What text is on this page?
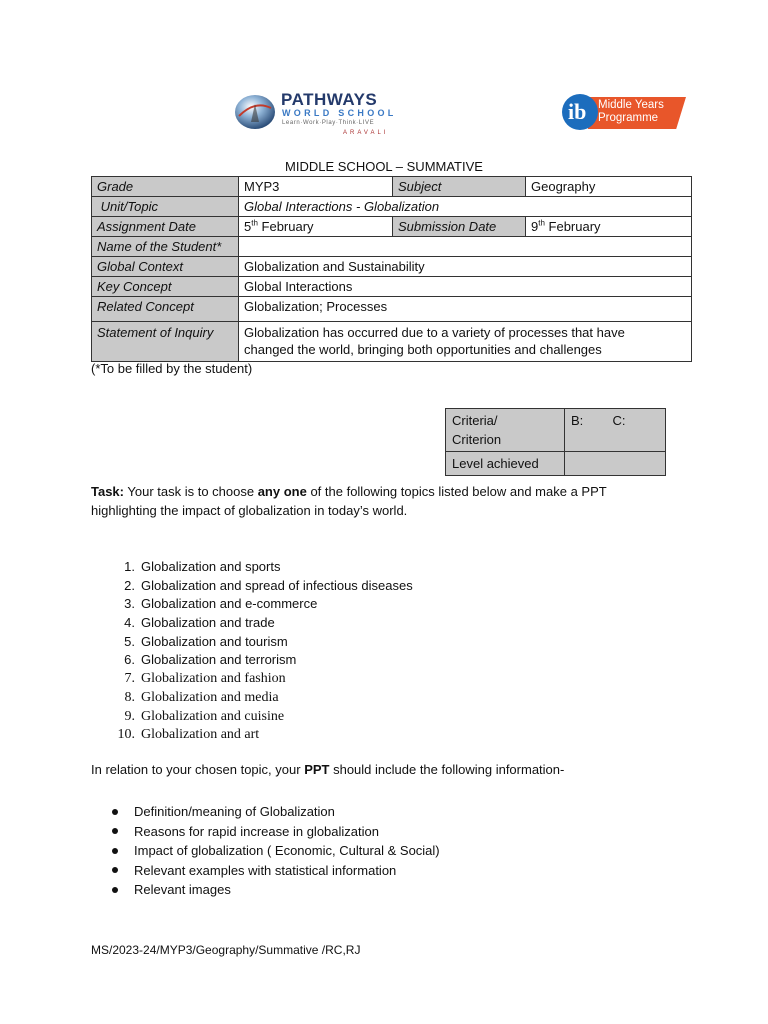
PATHWAYS
WORLD SCHOOL
Learn·Work·Play·Think·LIVE
ARAVALI
Middle Years
Programme
ib
MIDDLE SCHOOL – SUMMATIVE
Grade	MYP3	Subject	Geography
Unit/Topic	Global Interactions - Globalization		
Assignment Date	5th February	Submission Date	9th February
Name of the Student*			
Global Context	Globalization and Sustainability		
Key Concept	Global Interactions		
Related Concept	Globalization; Processes		
Statement of Inquiry	Globalization has occurred due to a variety of processes that have
changed the world, bringing both opportunities and challenges		
(*To be filled by the student)
Criteria/
Criterion	B: C:
Level achieved	
Task: Your task is to choose any one of the following topics listed below and make a PPT
highlighting the impact of globalization in today’s world.
1. Globalization and sports
2. Globalization and spread of infectious diseases
3. Globalization and e-commerce
4. Globalization and trade
5. Globalization and tourism
6. Globalization and terrorism
7. Globalization and fashion
8. Globalization and media
9. Globalization and cuisine
10. Globalization and art
In relation to your chosen topic, your PPT should include the following information-
Definition/meaning of Globalization
Reasons for rapid increase in globalization
Impact of globalization ( Economic, Cultural & Social)
Relevant examples with statistical information
Relevant images
MS/2023-24/MYP3/Geography/Summative /RC,RJ
